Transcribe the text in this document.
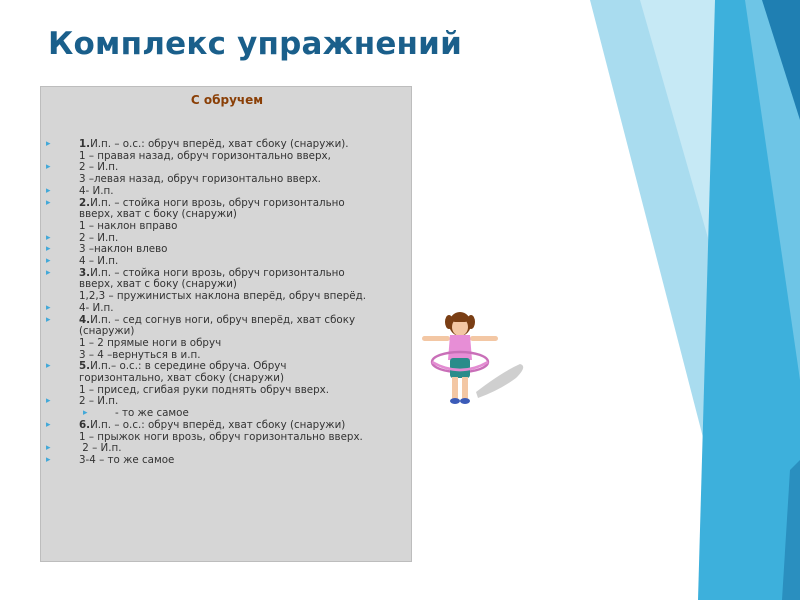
Комплекс упражнений
С обручем
▸	1.И.п. – о.с.: обруч вперёд, хват сбоку (снаружи).
1 – правая назад, обруч горизонтально вверх,
▸	2 – И.п.
3 –левая назад, обруч горизонтально вверх.
▸	4- И.п.
▸	2.И.п. – стойка ноги врозь, обруч горизонтально
вверх, хват с боку (снаружи)
1 – наклон вправо
▸	2 – И.п.
▸	3 –наклон влево
▸	4 – И.п.
▸	3.И.п. – стойка ноги врозь, обруч горизонтально
вверх, хват с боку (снаружи)
1,2,3 – пружинистых наклона вперёд, обруч вперёд.
▸	4- И.п.
▸	4.И.п. – сед согнув ноги, обруч вперёд, хват сбоку
(снаружи)
1 – 2 прямые ноги в обруч
3 – 4 –вернуться в и.п.
▸	5.И.п.– о.с.: в середине обруча. Обруч
горизонтально, хват сбоку (снаружи)
1 – присед, сгибая руки поднять обруч вверх.
▸	2 – И.п.
▸	- то же самое
▸	6.И.п. – о.с.: обруч вперёд, хват сбоку (снаружи)
1 – прыжок ноги врозь, обруч горизонтально вверх.
▸	2 – И.п.
▸	3-4 – то же самое
